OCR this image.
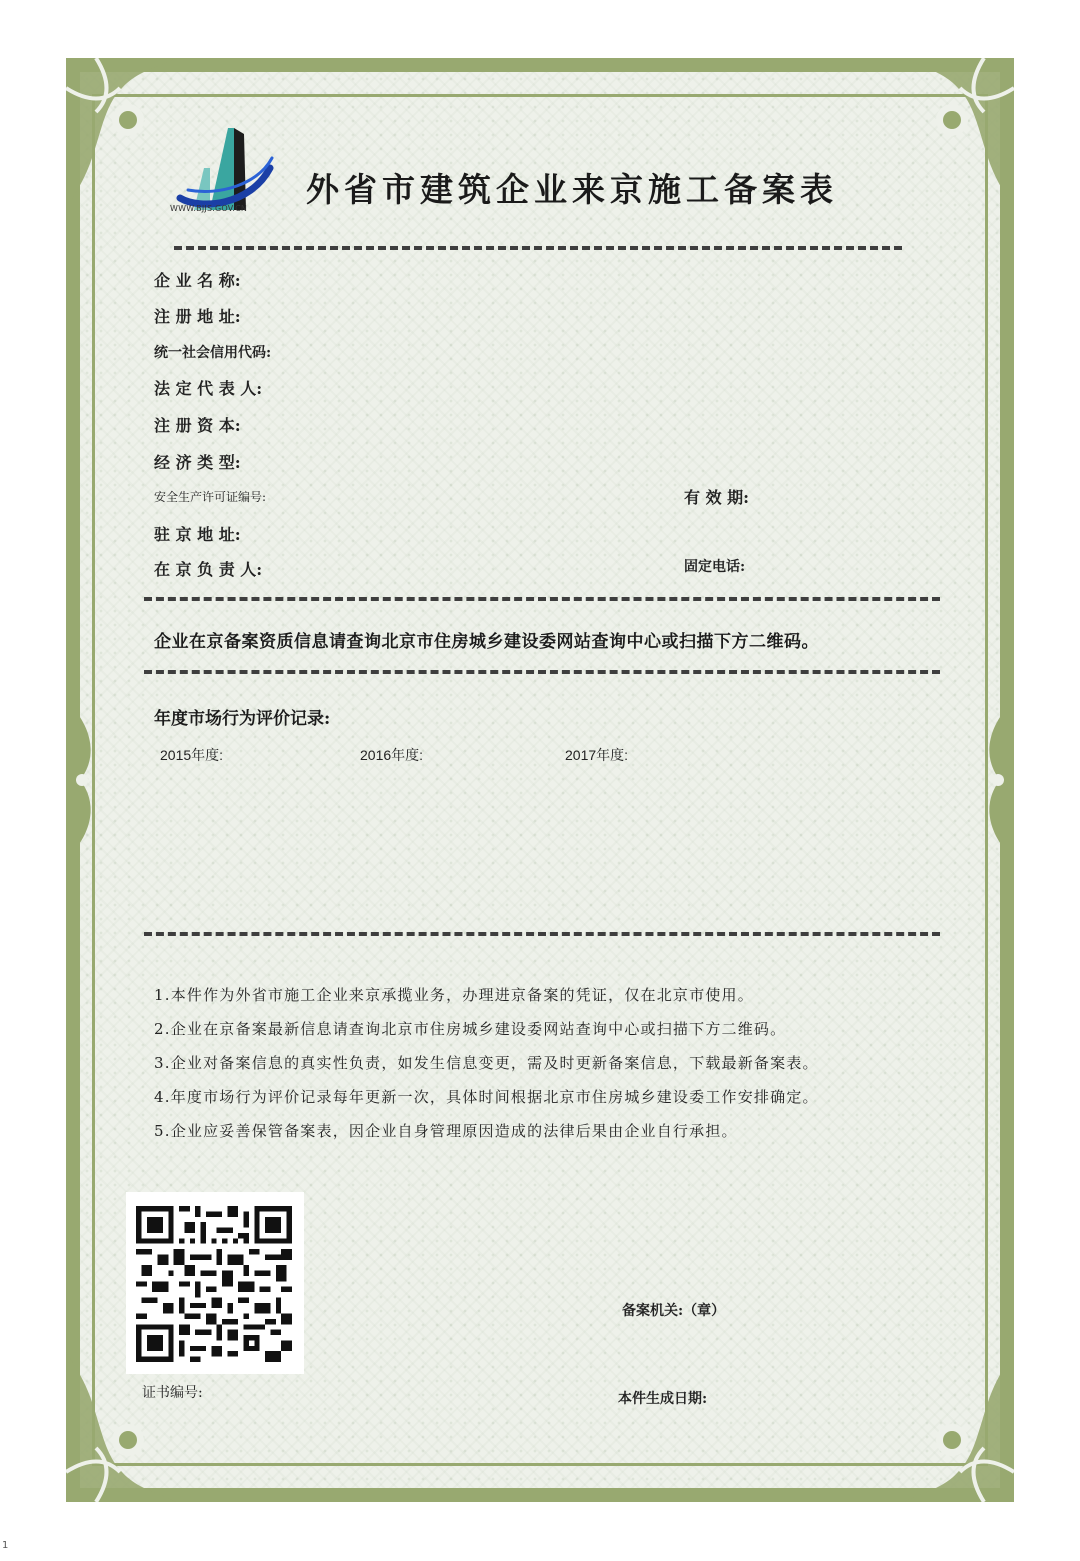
WWW.BJJS.GOV.CN	外省市建筑企业来京施工备案表
企 业 名 称:
注 册 地 址:
统一社会信用代码:
法 定 代 表 人:
注 册 资 本:
经 济 类 型:
安全生产许可证编号:	有 效 期:
驻 京 地 址:
在 京 负 责 人:	固定电话:
企业在京备案资质信息请查询北京市住房城乡建设委网站查询中心或扫描下方二维码。
年度市场行为评价记录:
2015年度:	2016年度:	2017年度:
1.本件作为外省市施工企业来京承揽业务，办理进京备案的凭证，仅在北京市使用。
2.企业在京备案最新信息请查询北京市住房城乡建设委网站查询中心或扫描下方二维码。
3.企业对备案信息的真实性负责，如发生信息变更，需及时更新备案信息，下载最新备案表。
4.年度市场行为评价记录每年更新一次，具体时间根据北京市住房城乡建设委工作安排确定。
5.企业应妥善保管备案表，因企业自身管理原因造成的法律后果由企业自行承担。
备案机关:（章）
证书编号:	本件生成日期:
1
